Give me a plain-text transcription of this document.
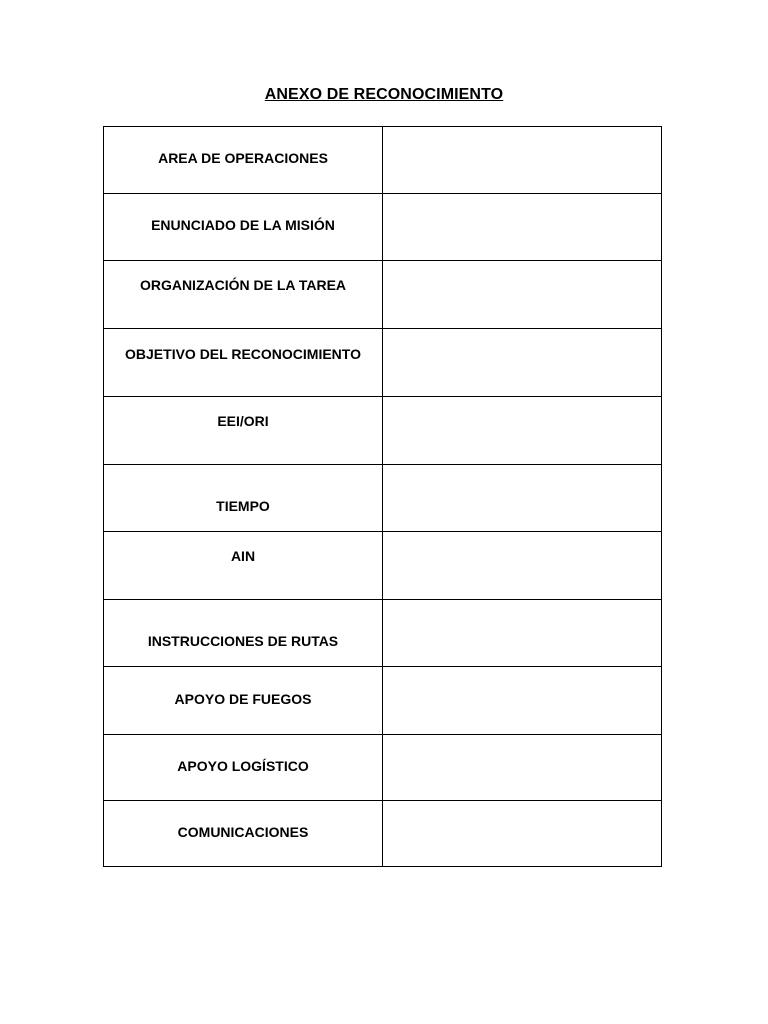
ANEXO DE RECONOCIMIENTO
AREA DE OPERACIONES	

ENUNCIADO DE LA MISIÓN	

ORGANIZACIÓN DE LA TAREA	

OBJETIVO DEL RECONOCIMIENTO	

EEI/ORI	

TIEMPO	

AIN	

INSTRUCCIONES DE RUTAS	

APOYO DE FUEGOS	

APOYO LOGÍSTICO	

COMUNICACIONES	
